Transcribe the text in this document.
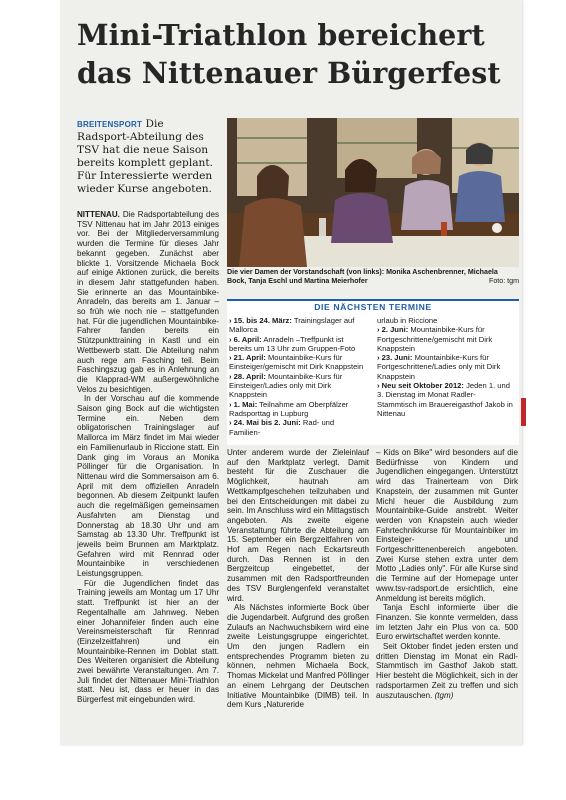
Mini-Triathlon bereichert das Nittenauer Bürgerfest
BREITENSPORT Die Radsport-Abteilung des TSV hat die neue Saison bereits komplett geplant. Für Interessierte werden wieder Kurse angeboten.

NITTENAU. Die Radsportabteilung des TSV Nittenau hat im Jahr 2013 einiges vor. Bei der Mitgliederversammlung wurden die Termine für dieses Jahr bekannt gegeben. Zunächst aber blickte 1. Vorsitzende Michaela Bock auf einige Aktionen zurück, die bereits in diesem Jahr stattgefunden haben. Sie erinnerte an das Mountainbike-Anradeln, das bereits am 1. Januar – so früh wie noch nie – stattgefunden hat. Für die jugendlichen Mountainbike-Fahrer fanden bereits ein Stützpunkttraining in Kastl und ein Wettbewerb statt. Die Abteilung nahm auch rege am Fasching teil. Beim Faschingszug gab es in Anlehnung an die Klapprad-WM außergewöhnliche Velos zu besichtigen.

In der Vorschau auf die kommende Saison ging Bock auf die wichtigsten Termine ein. Neben dem obligatorischen Trainingslager auf Mallorca im März findet im Mai wieder ein Familienurlaub in Riccione statt. Ein Dank ging im Voraus an Monika Pöllinger für die Organisation. In Nittenau wird die Sommersaison am 6. April mit dem offiziellen Anradeln begonnen. Ab diesem Zeitpunkt laufen auch die regelmäßigen gemeinsamen Ausfahrten am Dienstag und Donnerstag ab 18.30 Uhr und am Samstag ab 13.30 Uhr. Treffpunkt ist jeweils beim Brunnen am Marktplatz. Gefahren wird mit Rennrad oder Mountainbike in verschiedenen Leistungsgruppen.

Für die Jugendlichen findet das Training jeweils am Montag um 17 Uhr statt. Treffpunkt ist hier an der Regentalhalle am Jahnweg. Neben einer Johannifeier finden auch eine Vereinsmeisterschaft für Rennrad (Einzelzeitfahren) und ein Mountainbike-Rennen im Doblat statt. Des Weiteren organisiert die Abteilung zwei bewährte Veranstaltungen. Am 7. Juli findet der Nittenauer Mini-Triathlon statt. Neu ist, dass er heuer in das Bürgerfest mit eingebunden wird.

Die vier Damen der Vorstandschaft (von links): Monika Aschenbrenner, Michaela Bock, Tanja Eschl und Martina Meierhofer	Foto: tgm
DIE NÄCHSTEN TERMINE

› 15. bis 24. März: Trainingslager auf Mallorca

› 6. April: Anradeln –Treffpunkt ist bereits um 13 Uhr zum Gruppen-Foto

› 21. April: Mountainbike-Kurs für Einsteiger/gemischt mit Dirk Knappstein

› 28. April: Mountainbike-Kurs für Einsteiger/Ladies only mit Dirk Knappstein

› 1. Mai: Teilnahme am Oberpfälzer Radsporttag in Lupburg

› 24. Mai bis 2. Juni: Rad- und Familien-

urlaub in Riccione

› 2. Juni: Mountainbike-Kurs für Fortgeschrittene/gemischt mit Dirk Knappstein

› 23. Juni: Mountainbike-Kurs für Fortgeschrittene/Ladies only mit Dirk Knappstein

› Neu seit Oktober 2012: Jeden 1. und 3. Dienstag im Monat Radler-Stammtisch im Brauereigasthof Jakob in Nittenau

Unter anderem wurde der Zieleinlauf auf den Marktplatz verlegt. Damit besteht für die Zuschauer die Möglichkeit, hautnah am Wettkampfgeschehen teilzuhaben und bei den Entscheidungen mit dabei zu sein. Im Anschluss wird ein Mittagstisch angeboten. Als zweite eigene Veranstaltung führte die Abteilung am 15. September ein Bergzeitfahren von Hof am Regen nach Eckartsreuth durch. Das Rennen ist in den Bergzeitcup eingebettet, der zusammen mit den Radsportfreunden des TSV Burglengenfeld veranstaltet wird.

Als Nächstes informierte Bock über die Jugendarbeit. Aufgrund des großen Zulaufs an Nachwuchsbikern wird eine zweite Leistungsgruppe eingerichtet. Um den jungen Radlern ein entsprechendes Programm bieten zu können, nehmen Michaela Bock, Thomas Mickelat und Manfred Pöllinger an einem Lehrgang der Deutschen Initiative Mountainbike (DIMB) teil. In dem Kurs „Natureride

– Kids on Bike" wird besonders auf die Bedürfnisse von Kindern und Jugendlichen eingegangen. Unterstützt wird das Trainerteam von Dirk Knapstein, der zusammen mit Gunter Michl heuer die Ausbildung zum Mountainbike-Guide anstrebt. Weiter werden von Knapstein auch wieder Fahrtechnikkurse für Mountainbiker im Einsteiger- und Fortgeschrittenenbereich angeboten. Zwei Kurse stehen extra unter dem Motto „Ladies only". Für alle Kurse sind die Termine auf der Homepage unter www.tsv-radsport.de ersichtlich, eine Anmeldung ist bereits möglich.

Tanja Eschl informierte über die Finanzen. Sie konnte vermelden, dass im letzten Jahr ein Plus von ca. 500 Euro erwirtschaftet werden konnte.

Seit Oktober findet jeden ersten und dritten Dienstag im Monat ein Radl-Stammtisch im Gasthof Jakob statt. Hier besteht die Möglichkeit, sich in der radsportarmen Zeit zu treffen und sich auszutauschen. (tgm)
